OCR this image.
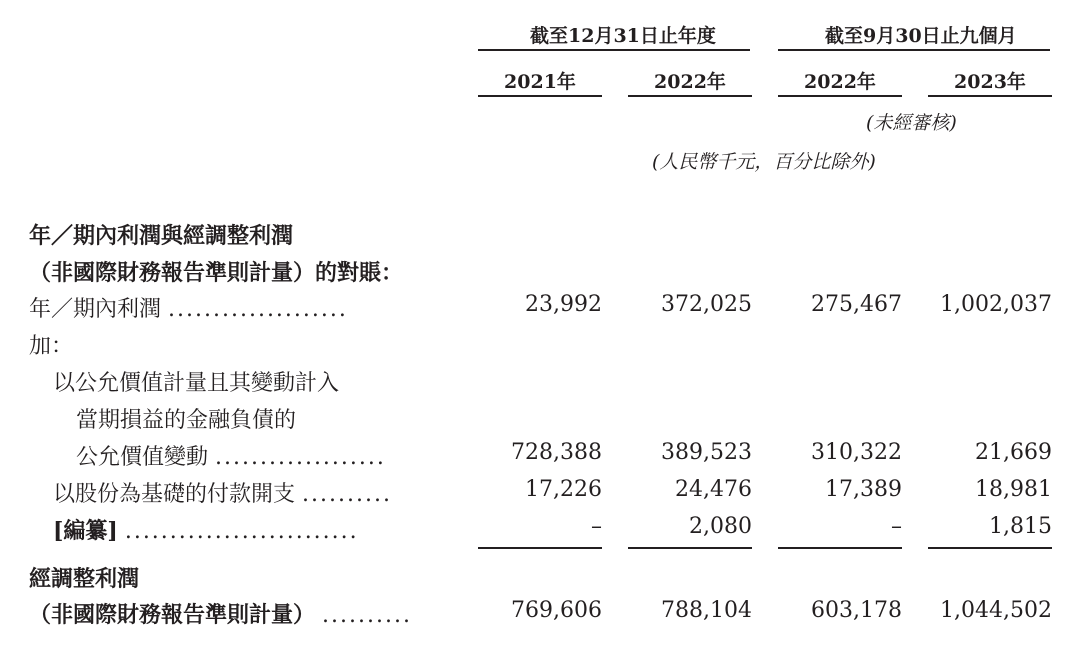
截至12月31日止年度	截至9月30日止九個月
2021年	2022年	2022年	2023年
(未經審核)
(人民幣千元，百分比除外)
年／期內利潤與經調整利潤
（非國際財務報告準則計量）的對賬：
年／期內利潤 ....................	23,992	372,025	275,467	1,002,037
加：
以公允價值計量且其變動計入
當期損益的金融負債的
公允價值變動 ...................	728,388	389,523	310,322	21,669
以股份為基礎的付款開支 ..........	17,226	24,476	17,389	18,981
[編纂] ..........................	–	2,080	–	1,815
經調整利潤
（非國際財務報告準則計量） ..........	769,606	788,104	603,178	1,044,502
